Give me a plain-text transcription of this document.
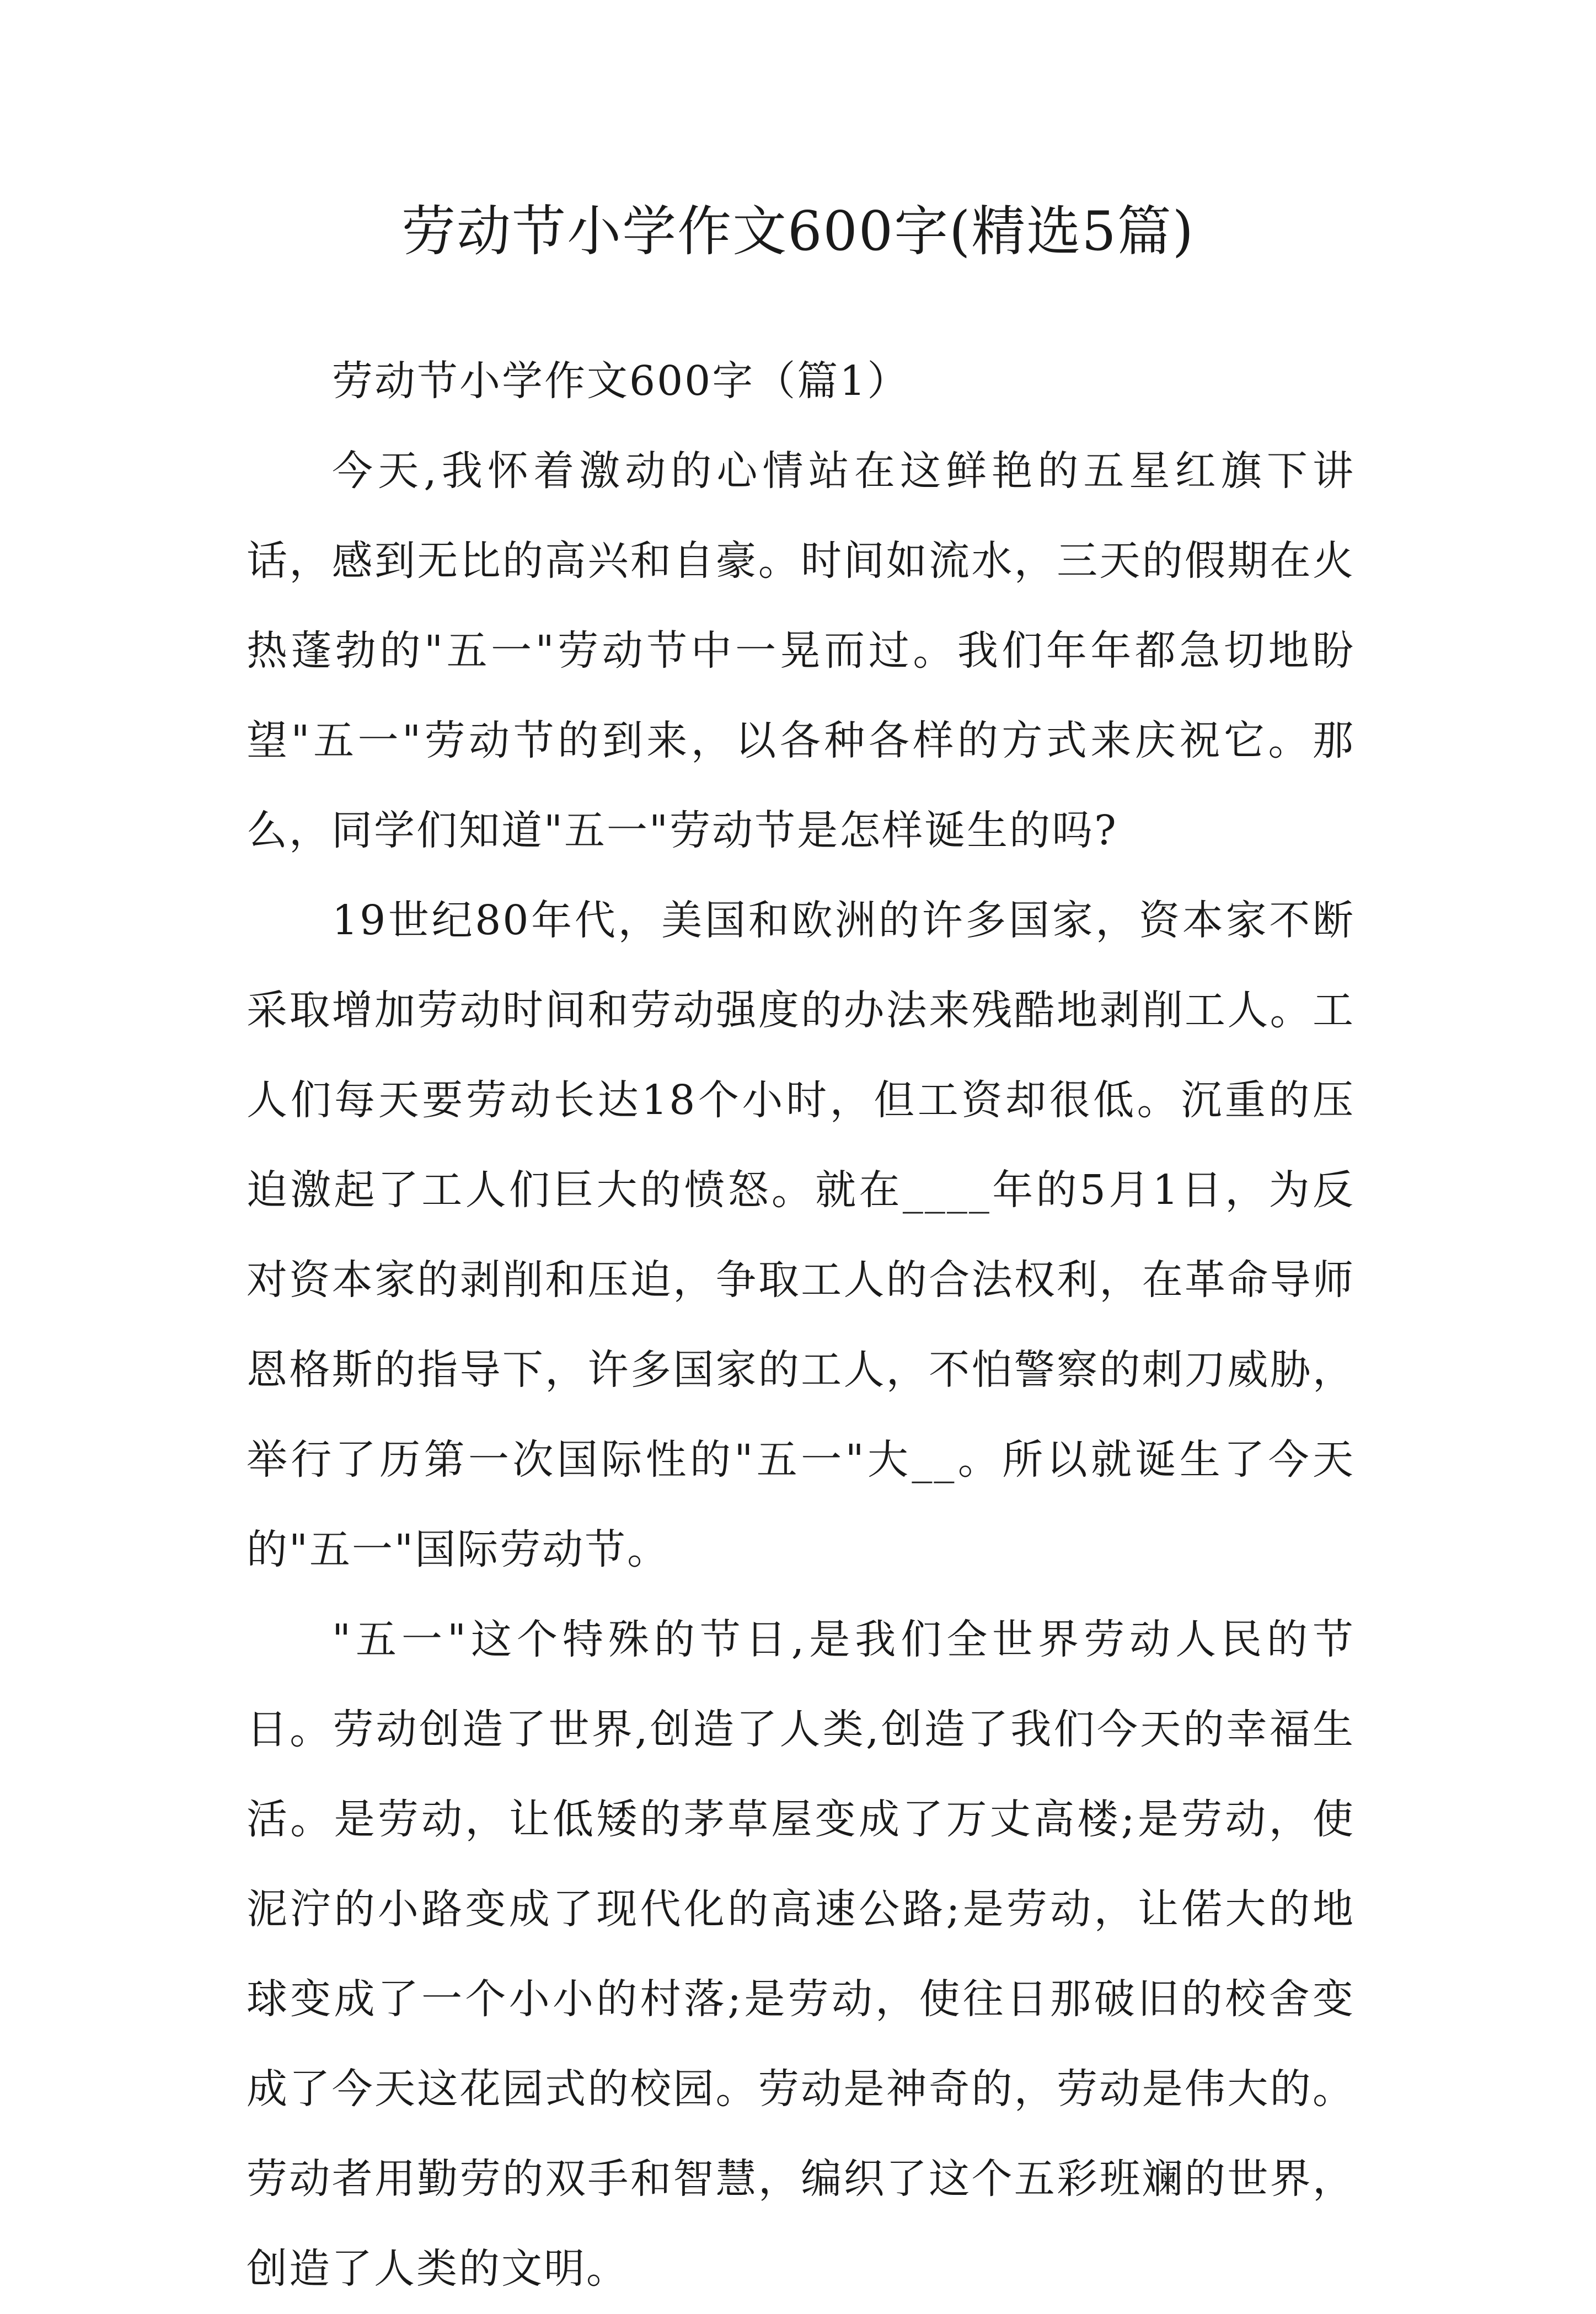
劳动节小学作文600字(精选5篇)

劳动节小学作文600字（篇1）

今天,我怀着激动的心情站在这鲜艳的五星红旗下讲话，感到无比的高兴和自豪。时间如流水，三天的假期在火热蓬勃的"五一"劳动节中一晃而过。我们年年都急切地盼望"五一"劳动节的到来，以各种各样的方式来庆祝它。那么，同学们知道"五一"劳动节是怎样诞生的吗?

19世纪80年代，美国和欧洲的许多国家，资本家不断采取增加劳动时间和劳动强度的办法来残酷地剥削工人。工人们每天要劳动长达18个小时，但工资却很低。沉重的压迫激起了工人们巨大的愤怒。就在____年的5月1日，为反对资本家的剥削和压迫，争取工人的合法权利，在革命导师恩格斯的指导下，许多国家的工人，不怕警察的刺刀威胁，举行了历第一次国际性的"五一"大__。所以就诞生了今天的"五一"国际劳动节。

"五一"这个特殊的节日,是我们全世界劳动人民的节日。劳动创造了世界,创造了人类,创造了我们今天的幸福生活。是劳动，让低矮的茅草屋变成了万丈高楼;是劳动，使泥泞的小路变成了现代化的高速公路;是劳动，让偌大的地球变成了一个小小的村落;是劳动，使往日那破旧的校舍变成了今天这花园式的校园。劳动是神奇的，劳动是伟大的。劳动者用勤劳的双手和智慧，编织了这个五彩班斓的世界，创造了人类的文明。
